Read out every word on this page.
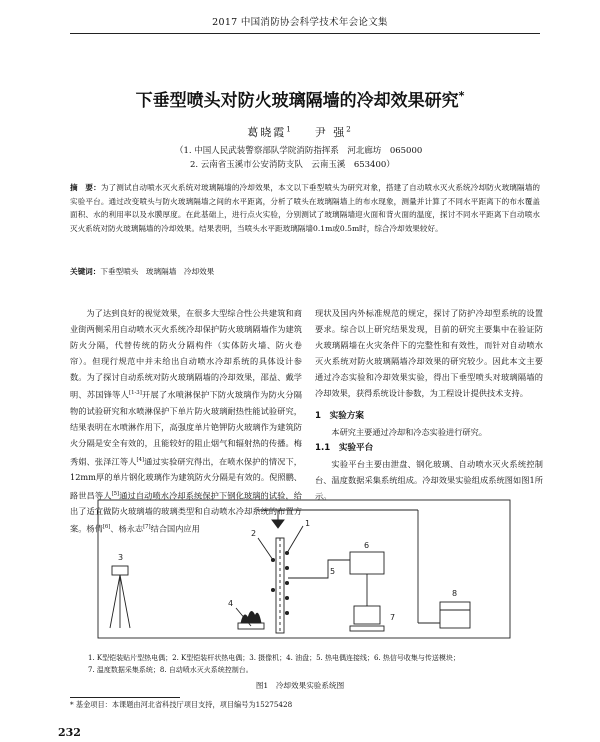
2017 中国消防协会科学技术年会论文集
下垂型喷头对防火玻璃隔墙的冷却效果研究*
葛晓霞$^1$ 尹 强$^2$
（1. 中国人民武装警察部队学院消防指挥系　河北廊坊　065000
2. 云南省玉溪市公安消防支队　云南玉溪　653400）
摘　要：为了测试自动喷水灭火系统对玻璃隔墙的冷却效果，本文以下垂型喷头为研究对象，搭建了自动喷水灭火系统冷却防火玻璃隔墙的实验平台。通过改变喷头与防火玻璃隔墙之间的水平距离，分析了喷头在玻璃隔墙上的布水现象，测量并计算了不同水平距离下的布水覆盖面积、水的利用率以及水膜厚度。在此基础上，进行点火实验，分别测试了玻璃隔墙迎火面和背火面的温度，探讨不同水平距离下自动喷水灭火系统对防火玻璃隔墙的冷却效果。结果表明，当喷头水平距玻璃隔墙0.1m或0.5m时，综合冷却效果较好。
关键词：下垂型喷头　玻璃隔墙　冷却效果
为了达到良好的视觉效果，在很多大型综合性公共建筑和商业街两侧采用自动喷水灭火系统冷却保护防火玻璃隔墙作为建筑防火分隔，代替传统的防火分隔构件（实体防火墙、防火卷帘）。但现行规范中并未给出自动喷水冷却系统的具体设计参数。为了探讨自动系统对防火玻璃隔墙的冷却效果，邵益、戴学明、苏国锋等人[1-3]开展了水喷淋保护下防火玻璃作为防火分隔物的试验研究和水喷淋保护下单片防火玻璃耐热性能试验研究，结果表明在水喷淋作用下，高强度单片铯钾防火玻璃作为建筑防火分隔是安全有效的，且能较好的阻止烟气和辐射热的传播。梅秀娟、张泽江等人[4]通过实验研究得出，在喷水保护的情况下，12mm厚的单片钢化玻璃作为建筑防火分隔是有效的。倪照鹏、路世昌等人[5]通过自动喷水冷却系统保护下钢化玻璃的试验，给出了适宜做防火玻璃墙的玻璃类型和自动喷水冷却系统的布置方案。杨倩[6]、杨永志[7]结合国内应用
现状及国内外标准规范的规定，探讨了防护冷却型系统的设置要求。综合以上研究结果发现，目前的研究主要集中在验证防火玻璃隔墙在火灾条件下的完整性和有效性，而针对自动喷水灭火系统对防火玻璃隔墙冷却效果的研究较少。因此本文主要通过冷态实验和冷却效果实验，得出下垂型喷头对玻璃隔墙的冷却效果，获得系统设计参数，为工程设计提供技术支持。
1　实验方案
本研究主要通过冷却和冷态实验进行研究。
1.1　实验平台
实验平台主要由泄盘、钢化玻璃、自动喷水灭火系统控制台、温度数据采集系统组成。冷却效果实验组成系统图如图1所示。
1
2
3
4
5
6
7
8
1. K型铠装贴片型热电偶；2. K型铠装杆状热电偶；3. 摄像机；4. 油盘；5. 热电偶连接线；6. 热信号收集与传送模块；
7. 温度数据采集系统；8. 自动喷水灭火系统控制台。
图1　冷却效果实验系统图
* 基金项目：本课题由河北省科技厅项目支持，项目编号为15275428
232
